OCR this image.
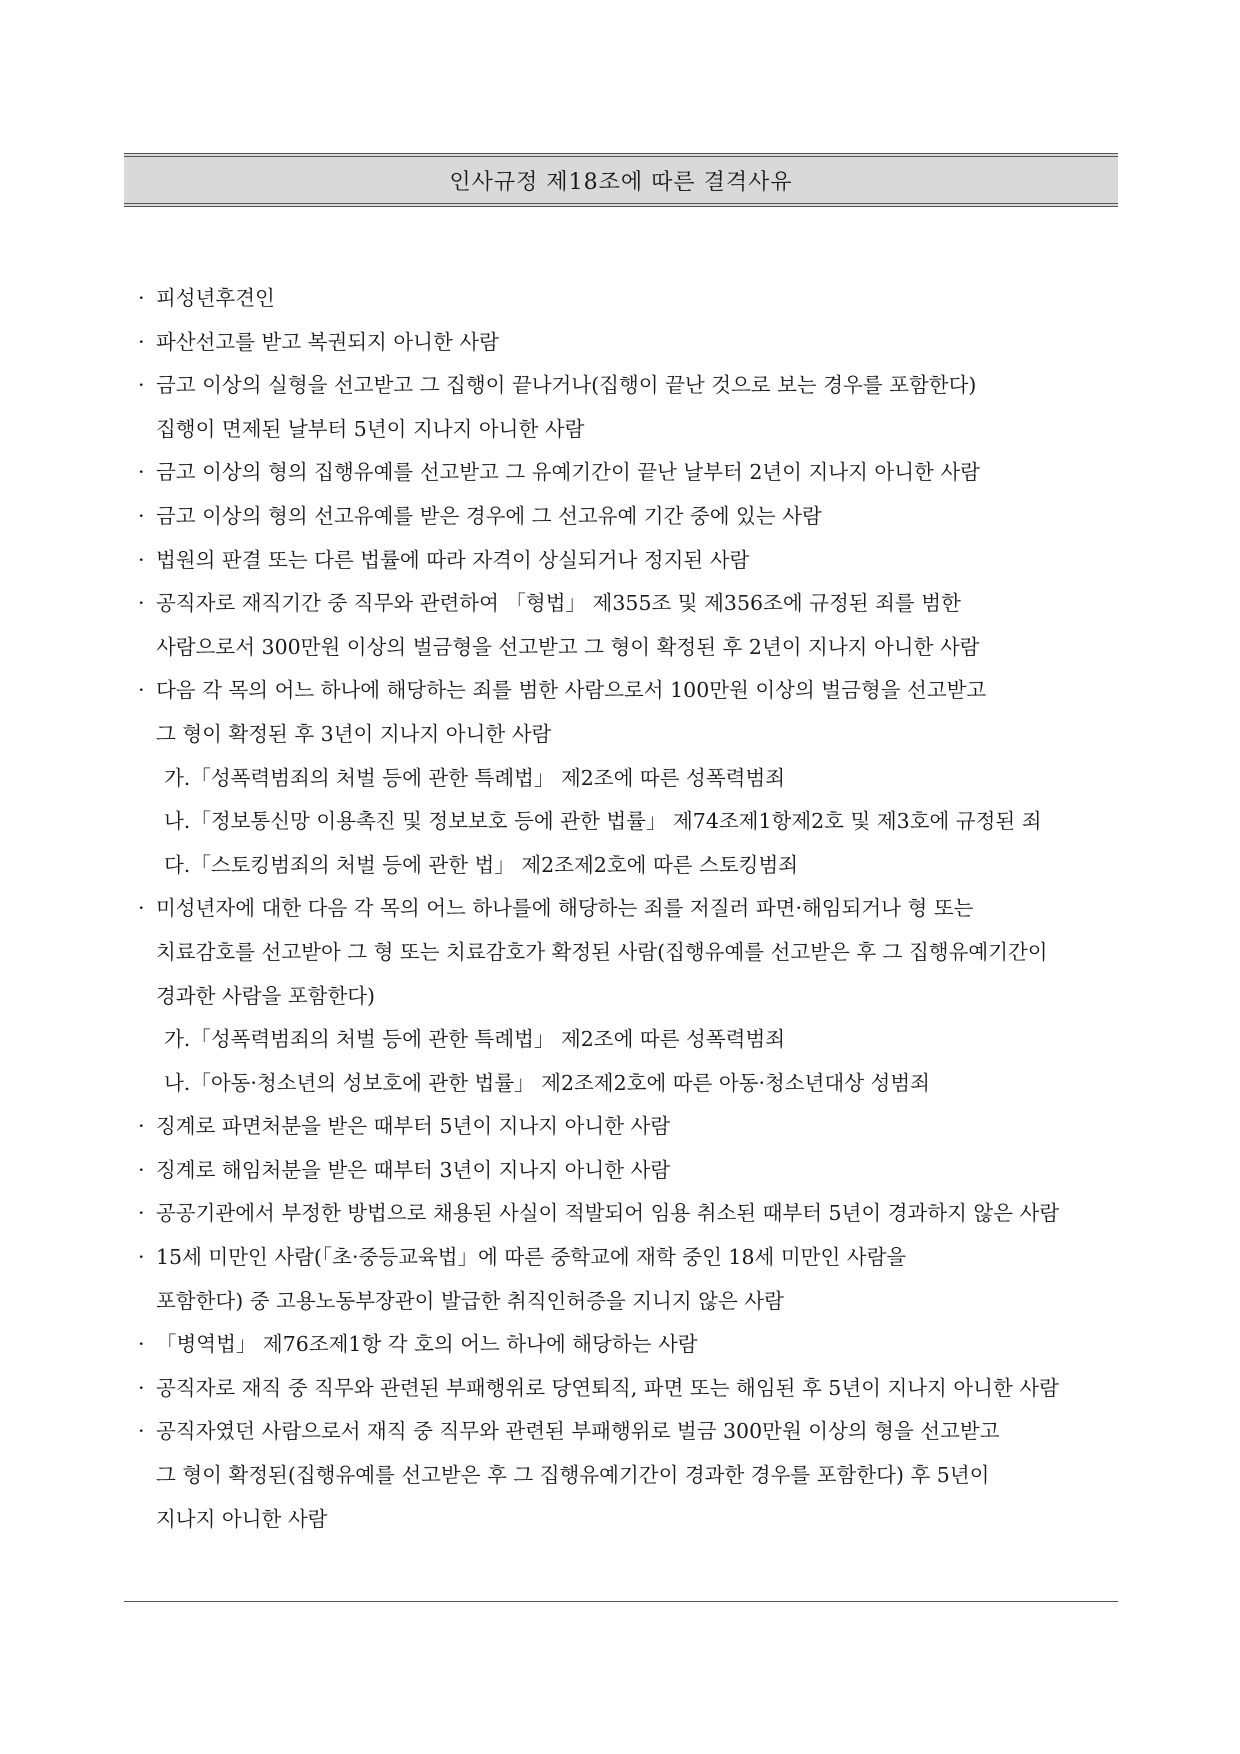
인사규정 제18조에 따른 결격사유
· 피성년후견인
· 파산선고를 받고 복권되지 아니한 사람
· 금고 이상의 실형을 선고받고 그 집행이 끝나거나(집행이 끝난 것으로 보는 경우를 포함한다)
집행이 면제된 날부터 5년이 지나지 아니한 사람
· 금고 이상의 형의 집행유예를 선고받고 그 유예기간이 끝난 날부터 2년이 지나지 아니한 사람
· 금고 이상의 형의 선고유예를 받은 경우에 그 선고유예 기간 중에 있는 사람
· 법원의 판결 또는 다른 법률에 따라 자격이 상실되거나 정지된 사람
· 공직자로 재직기간 중 직무와 관련하여 「형법」 제355조 및 제356조에 규정된 죄를 범한
사람으로서 300만원 이상의 벌금형을 선고받고 그 형이 확정된 후 2년이 지나지 아니한 사람
· 다음 각 목의 어느 하나에 해당하는 죄를 범한 사람으로서 100만원 이상의 벌금형을 선고받고
그 형이 확정된 후 3년이 지나지 아니한 사람
가.「성폭력범죄의 처벌 등에 관한 특례법」 제2조에 따른 성폭력범죄
나.「정보통신망 이용촉진 및 정보보호 등에 관한 법률」 제74조제1항제2호 및 제3호에 규정된 죄
다.「스토킹범죄의 처벌 등에 관한 법」 제2조제2호에 따른 스토킹범죄
· 미성년자에 대한 다음 각 목의 어느 하나를에 해당하는 죄를 저질러 파면·해임되거나 형 또는
치료감호를 선고받아 그 형 또는 치료감호가 확정된 사람(집행유예를 선고받은 후 그 집행유예기간이
경과한 사람을 포함한다)
가.「성폭력범죄의 처벌 등에 관한 특례법」 제2조에 따른 성폭력범죄
나.「아동·청소년의 성보호에 관한 법률」 제2조제2호에 따른 아동·청소년대상 성범죄
· 징계로 파면처분을 받은 때부터 5년이 지나지 아니한 사람
· 징계로 해임처분을 받은 때부터 3년이 지나지 아니한 사람
· 공공기관에서 부정한 방법으로 채용된 사실이 적발되어 임용 취소된 때부터 5년이 경과하지 않은 사람
· 15세 미만인 사람(「초·중등교육법」에 따른 중학교에 재학 중인 18세 미만인 사람을
포함한다) 중 고용노동부장관이 발급한 취직인허증을 지니지 않은 사람
· 「병역법」 제76조제1항 각 호의 어느 하나에 해당하는 사람
· 공직자로 재직 중 직무와 관련된 부패행위로 당연퇴직, 파면 또는 해임된 후 5년이 지나지 아니한 사람
· 공직자였던 사람으로서 재직 중 직무와 관련된 부패행위로 벌금 300만원 이상의 형을 선고받고
그 형이 확정된(집행유예를 선고받은 후 그 집행유예기간이 경과한 경우를 포함한다) 후 5년이
지나지 아니한 사람
